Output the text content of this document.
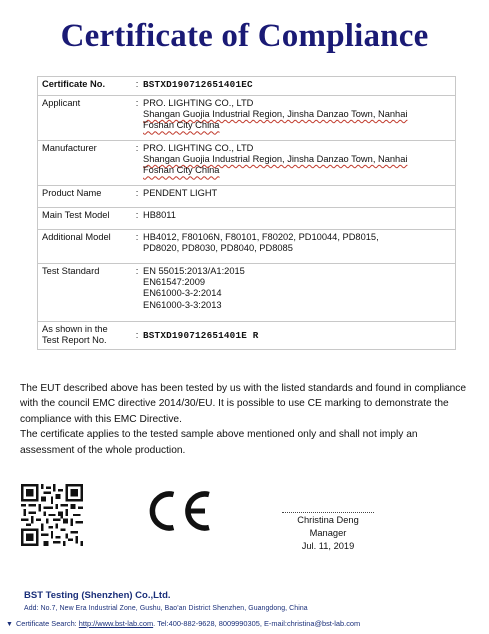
Certificate of Compliance
Certificate No.	:	BSTXD190712651401EC
Applicant	:	PRO. LIGHTING CO., LTD
Shangan Guojia Industrial Region, Jinsha Danzao Town, Nanhai
Foshan City China

Manufacturer	:	PRO. LIGHTING CO., LTD
Shangan Guojia Industrial Region, Jinsha Danzao Town, Nanhai
Foshan City China

Product Name	:	PENDENT LIGHT
Main Test Model	:	HB8011
Additional Model	:	HB4012, F80106N, F80101, F80202, PD10044, PD8015,
PD8020, PD8030, PD8040, PD8085

Test Standard	:	EN 55015:2013/A1:2015
EN61547:2009
EN61000-3-2:2014
EN61000-3-3:2013

As shown in the
Test Report No.	:	BSTXD190712651401E R

The EUT described above has been tested by us with the listed standards and found in compliance with the council EMC directive 2014/30/EU. It is possible to use CE marking to demonstrate the compliance with this EMC Directive.

The certificate applies to the tested sample above mentioned only and shall not imply an assessment of the whole production.

Christina Deng
Manager
Jul. 11, 2019
BST Testing (Shenzhen) Co.,Ltd.
Add: No.7, New Era Industrial Zone, Gushu, Bao'an District Shenzhen, Guangdong, China
▼ Certificate Search: http://www.bst-lab.com. Tel:400-882-9628, 8009990305, E-mail:christina@bst-lab.com
